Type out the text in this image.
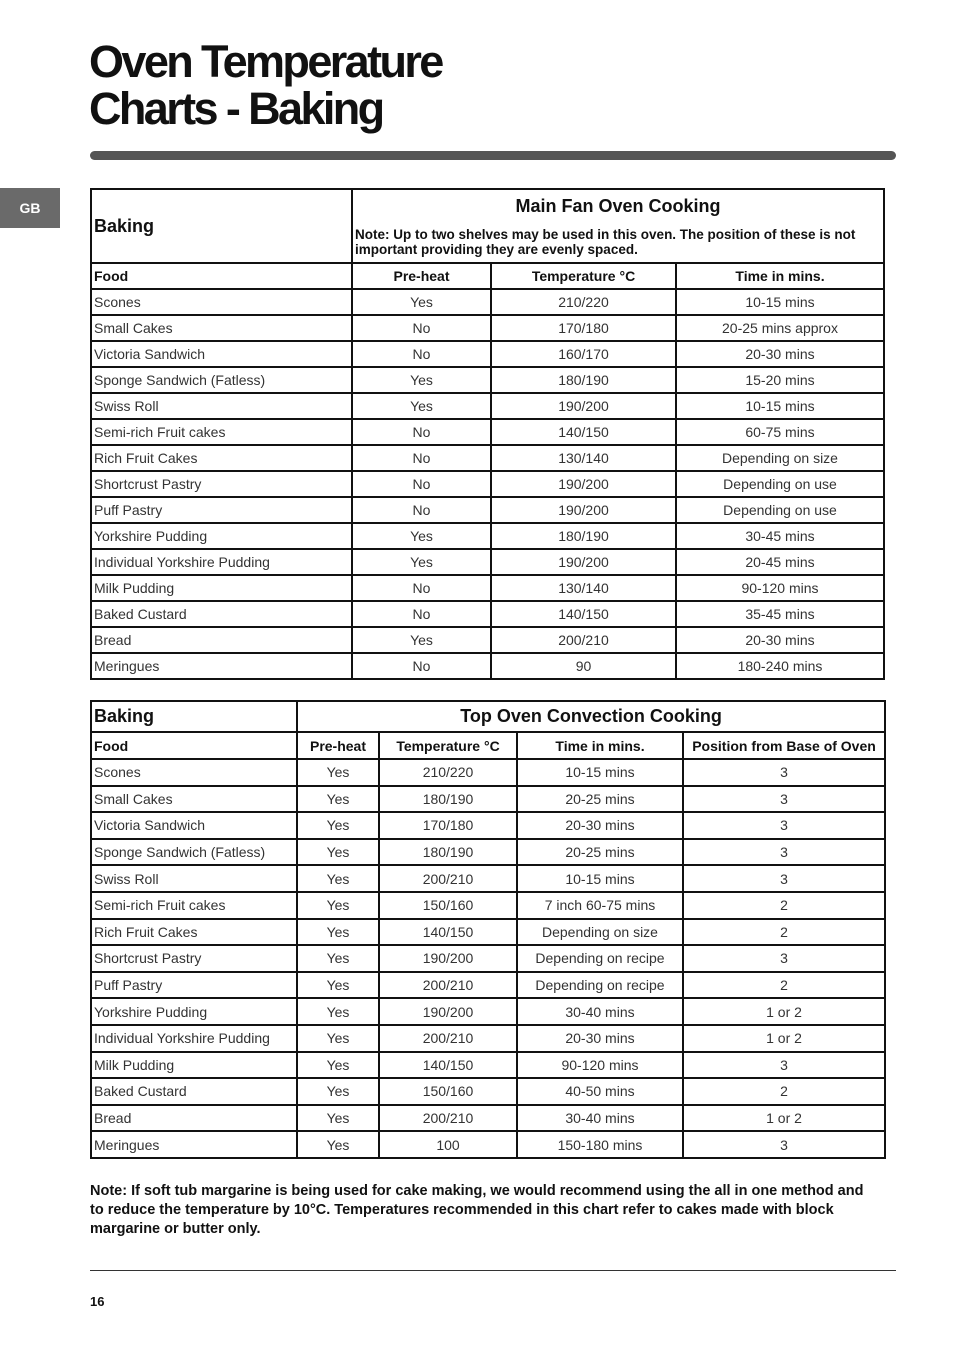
Oven Temperature
Charts - Baking
GB
Baking	Main Fan Oven Cooking
Note: Up to two shelves may be used in this oven. The position of these is not important providing they are evenly spaced.		

Food	Pre-heat	Temperature °C	Time in mins.
Scones	Yes	210/220	10-15 mins
Small Cakes	No	170/180	20-25 mins approx
Victoria Sandwich	No	160/170	20-30 mins
Sponge Sandwich (Fatless)	Yes	180/190	15-20 mins
Swiss Roll	Yes	190/200	10-15 mins
Semi-rich Fruit cakes	No	140/150	60-75 mins
Rich Fruit Cakes	No	130/140	Depending on size
Shortcrust Pastry	No	190/200	Depending on use
Puff Pastry	No	190/200	Depending on use
Yorkshire Pudding	Yes	180/190	30-45 mins
Individual Yorkshire Pudding	Yes	190/200	20-45 mins
Milk Pudding	No	130/140	90-120 mins
Baked Custard	No	140/150	35-45 mins
Bread	Yes	200/210	20-30 mins
Meringues	No	90	180-240 mins
Baking	Top Oven Convection Cooking			
Food	Pre-heat	Temperature °C	Time in mins.	Position from Base of Oven
Scones	Yes	210/220	10-15 mins	3
Small Cakes	Yes	180/190	20-25 mins	3
Victoria Sandwich	Yes	170/180	20-30 mins	3
Sponge Sandwich (Fatless)	Yes	180/190	20-25 mins	3
Swiss Roll	Yes	200/210	10-15 mins	3
Semi-rich Fruit cakes	Yes	150/160	7 inch 60-75 mins	2
Rich Fruit Cakes	Yes	140/150	Depending on size	2
Shortcrust Pastry	Yes	190/200	Depending on recipe	3
Puff Pastry	Yes	200/210	Depending on recipe	2
Yorkshire Pudding	Yes	190/200	30-40 mins	1 or 2
Individual Yorkshire Pudding	Yes	200/210	20-30 mins	1 or 2
Milk Pudding	Yes	140/150	90-120 mins	3
Baked Custard	Yes	150/160	40-50 mins	2
Bread	Yes	200/210	30-40 mins	1 or 2
Meringues	Yes	100	150-180 mins	3

Note: If soft tub margarine is being used for cake making, we would recommend using the all in one method and to reduce the temperature by 10°C. Temperatures recommended in this chart refer to cakes made with block margarine or butter only.

16
